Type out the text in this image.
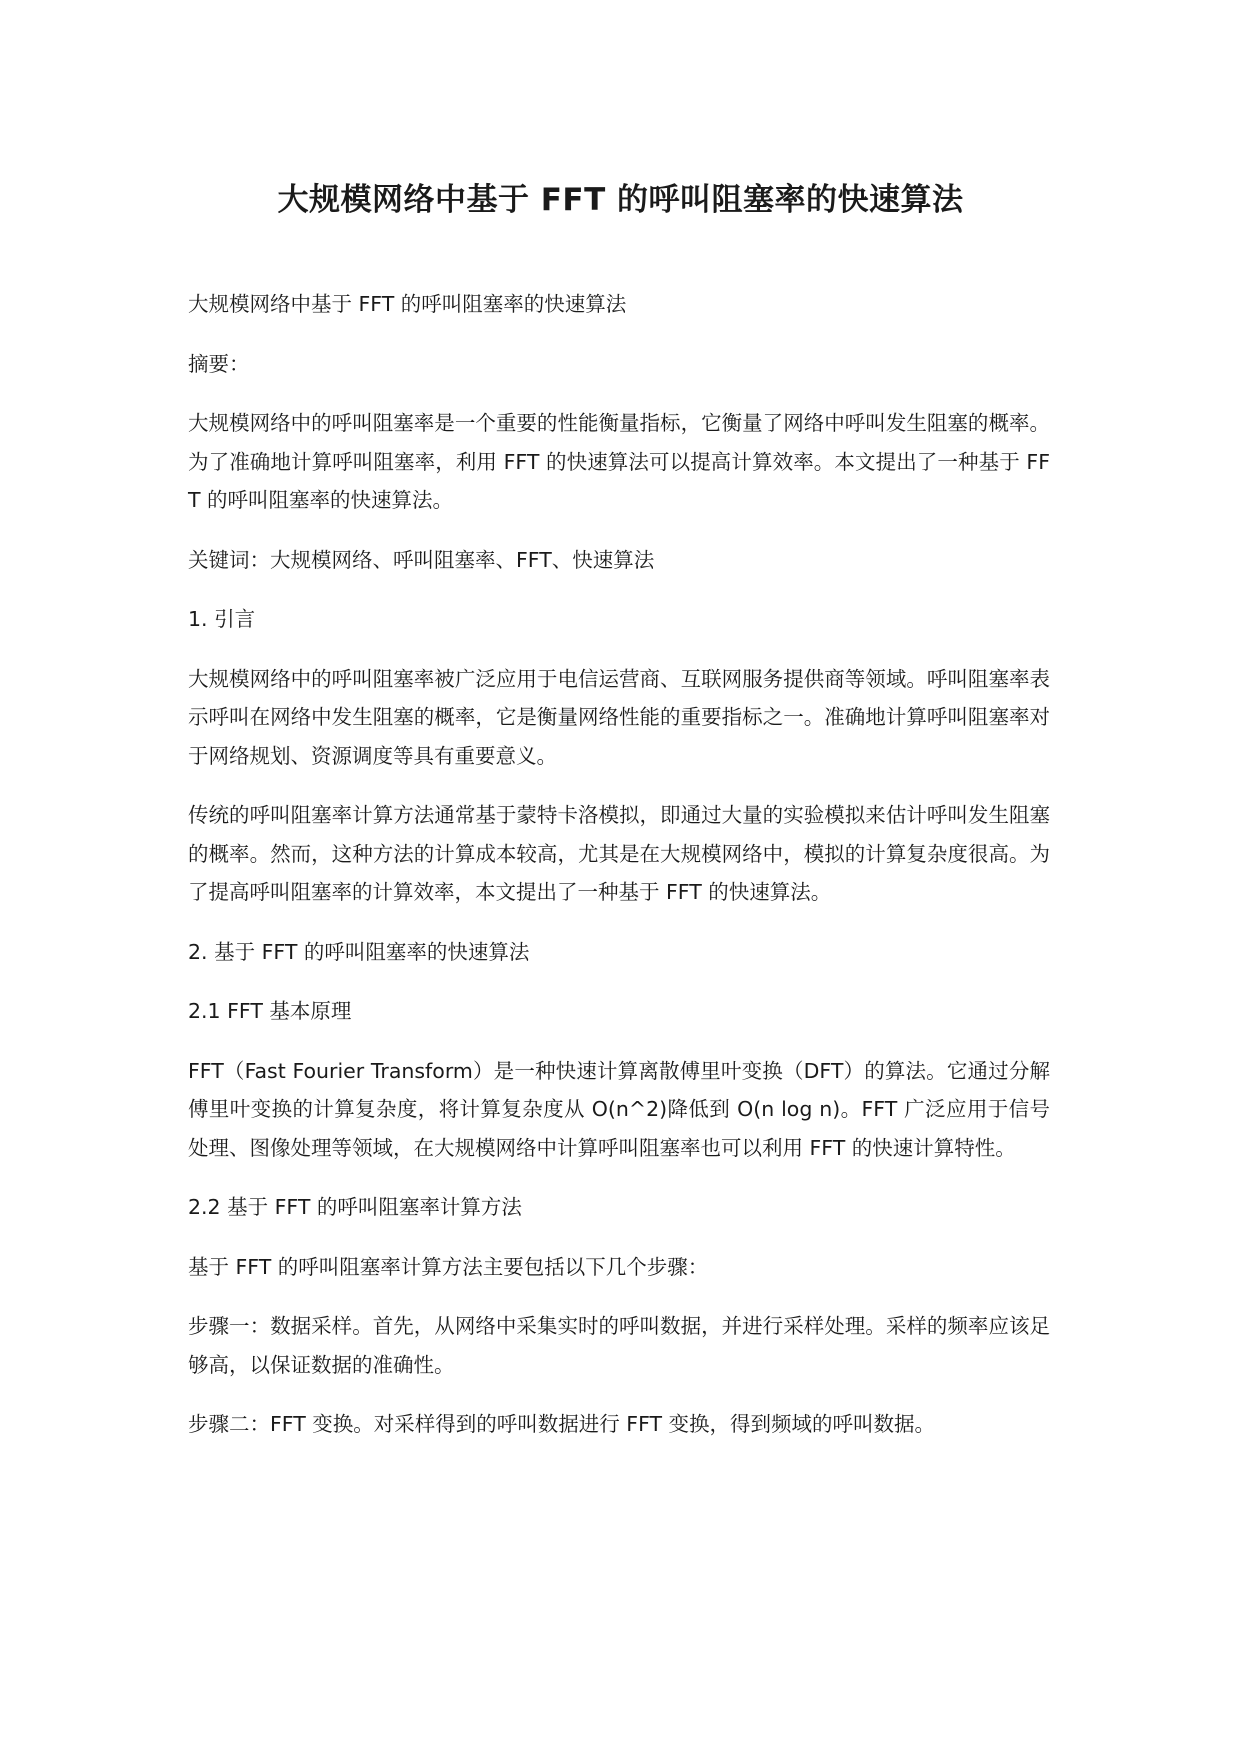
大规模网络中基于 FFT 的呼叫阻塞率的快速算法

大规模网络中基于 FFT 的呼叫阻塞率的快速算法

摘要：

大规模网络中的呼叫阻塞率是一个重要的性能衡量指标，它衡量了网络中呼叫发生阻塞的概率。为了准确地计算呼叫阻塞率，利用 FFT 的快速算法可以提高计算效率。本文提出了一种基于 FFT 的呼叫阻塞率的快速算法。

关键词：大规模网络、呼叫阻塞率、FFT、快速算法

1. 引言

大规模网络中的呼叫阻塞率被广泛应用于电信运营商、互联网服务提供商等领域。呼叫阻塞率表示呼叫在网络中发生阻塞的概率，它是衡量网络性能的重要指标之一。准确地计算呼叫阻塞率对于网络规划、资源调度等具有重要意义。

传统的呼叫阻塞率计算方法通常基于蒙特卡洛模拟，即通过大量的实验模拟来估计呼叫发生阻塞的概率。然而，这种方法的计算成本较高，尤其是在大规模网络中，模拟的计算复杂度很高。为了提高呼叫阻塞率的计算效率，本文提出了一种基于 FFT 的快速算法。

2. 基于 FFT 的呼叫阻塞率的快速算法

2.1 FFT 基本原理

FFT（Fast Fourier Transform）是一种快速计算离散傅里叶变换（DFT）的算法。它通过分解傅里叶变换的计算复杂度，将计算复杂度从 O(n^2)降低到 O(n log n)。FFT 广泛应用于信号处理、图像处理等领域，在大规模网络中计算呼叫阻塞率也可以利用 FFT 的快速计算特性。

2.2 基于 FFT 的呼叫阻塞率计算方法

基于 FFT 的呼叫阻塞率计算方法主要包括以下几个步骤：

步骤一：数据采样。首先，从网络中采集实时的呼叫数据，并进行采样处理。采样的频率应该足够高，以保证数据的准确性。

步骤二：FFT 变换。对采样得到的呼叫数据进行 FFT 变换，得到频域的呼叫数据。
